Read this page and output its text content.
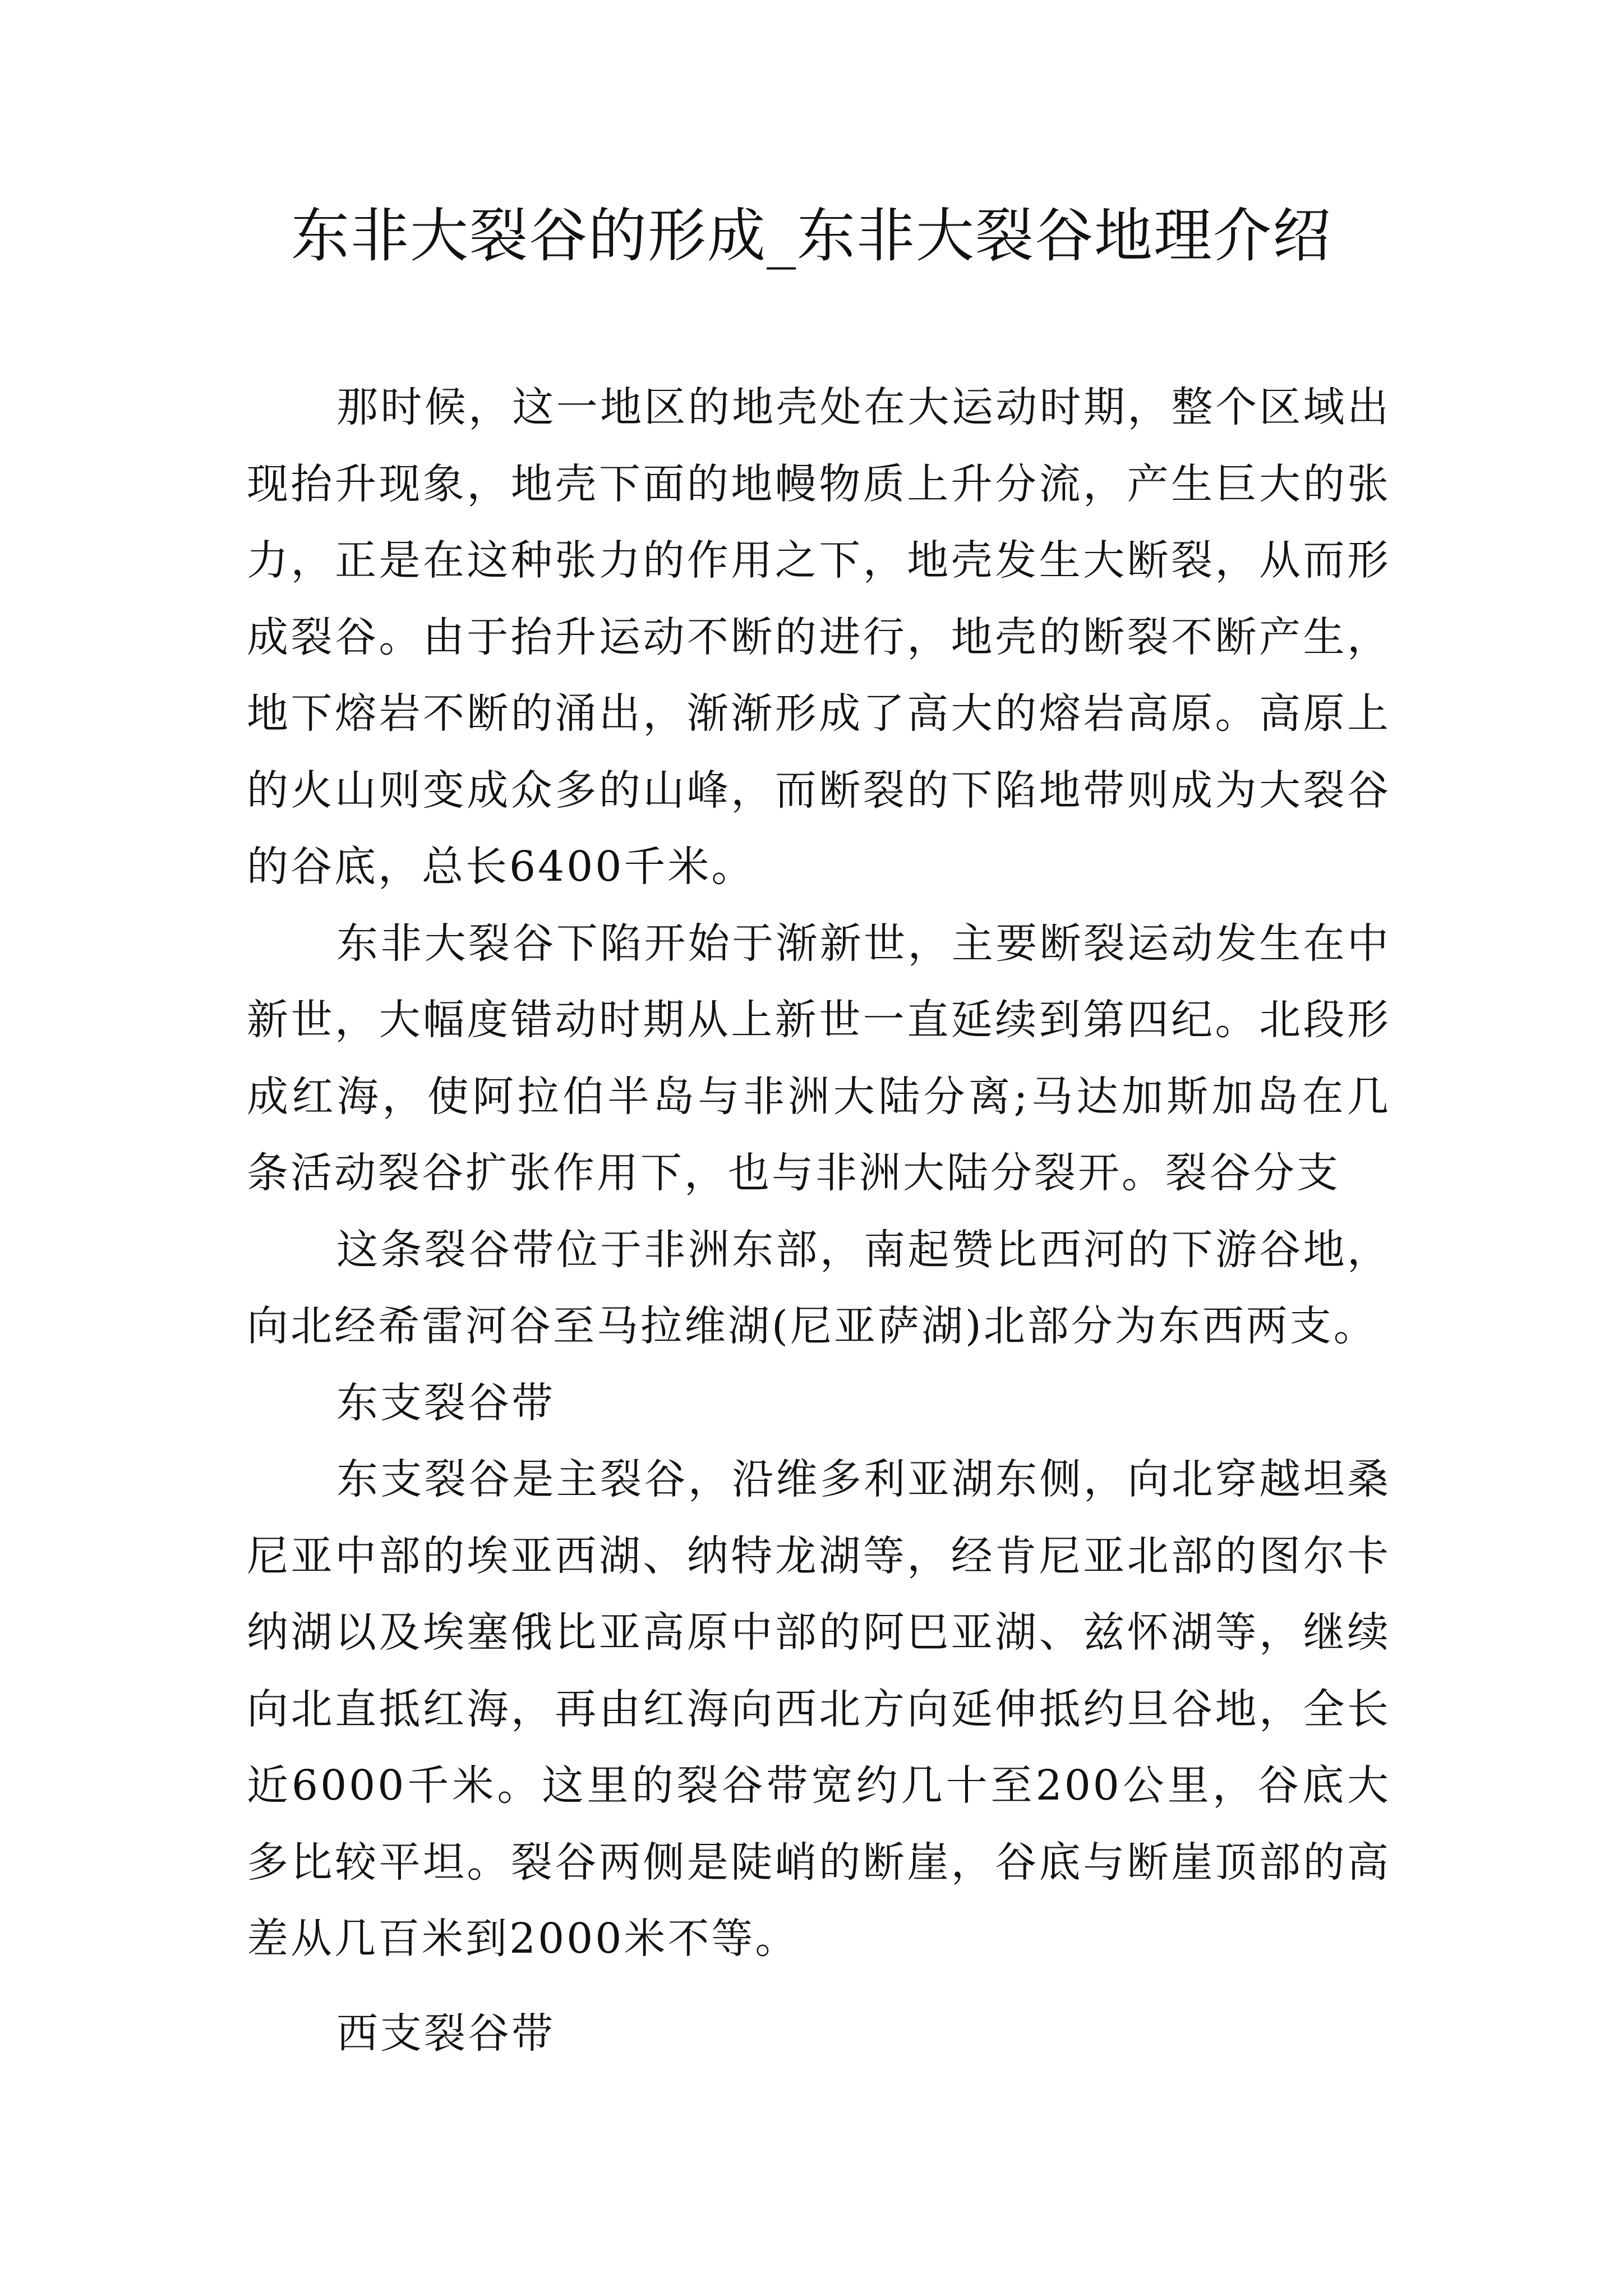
东非大裂谷的形成_东非大裂谷地理介绍

那时候，这一地区的地壳处在大运动时期，整个区域出现抬升现象，地壳下面的地幔物质上升分流，产生巨大的张力，正是在这种张力的作用之下，地壳发生大断裂，从而形成裂谷。由于抬升运动不断的进行，地壳的断裂不断产生，地下熔岩不断的涌出，渐渐形成了高大的熔岩高原。高原上的火山则变成众多的山峰，而断裂的下陷地带则成为大裂谷的谷底，总长6400千米。

东非大裂谷下陷开始于渐新世，主要断裂运动发生在中新世，大幅度错动时期从上新世一直延续到第四纪。北段形成红海，使阿拉伯半岛与非洲大陆分离;马达加斯加岛在几条活动裂谷扩张作用下，也与非洲大陆分裂开。裂谷分支

这条裂谷带位于非洲东部，南起赞比西河的下游谷地，向北经希雷河谷至马拉维湖(尼亚萨湖)北部分为东西两支。

东支裂谷带

东支裂谷是主裂谷，沿维多利亚湖东侧，向北穿越坦桑尼亚中部的埃亚西湖、纳特龙湖等，经肯尼亚北部的图尔卡纳湖以及埃塞俄比亚高原中部的阿巴亚湖、兹怀湖等，继续向北直抵红海，再由红海向西北方向延伸抵约旦谷地，全长近6000千米。这里的裂谷带宽约几十至200公里，谷底大多比较平坦。裂谷两侧是陡峭的断崖，谷底与断崖顶部的高差从几百米到2000米不等。

西支裂谷带
